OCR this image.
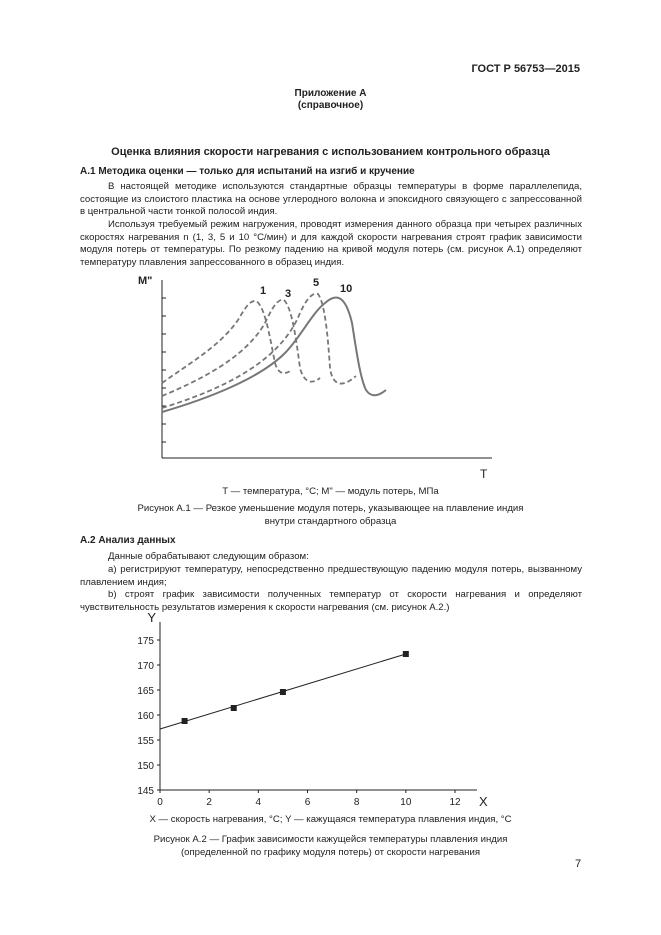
ГОСТ Р 56753—2015
Приложение А
(справочное)
Оценка влияния скорости нагревания с использованием контрольного образца
А.1 Методика оценки — только для испытаний на изгиб и кручение
В настоящей методике используются стандартные образцы температуры в форме параллелепида, состоящие из слоистого пластика на основе углеродного волокна и эпоксидного связующего с запрессованной в центральной части тонкой полосой индия.
Используя требуемый режим нагружения, проводят измерения данного образца при четырех различных скоростях нагревания n (1, 3, 5 и 10 °С/мин) и для каждой скорости нагревания строят график зависимости модуля потерь от температуры. По резкому падению на кривой модуля потерь (см. рисунок А.1) определяют температуру плавления запрессованного в образец индия.
M"
T
1 3
5 10
T — температура, °С; M" — модуль потерь, МПа
Рисунок А.1 — Резкое уменьшение модуля потерь, указывающее на плавление индия
внутри стандартного образца
А.2 Анализ данных
Данные обрабатывают следующим образом:
а) регистрируют температуру, непосредственно предшествующую падению модуля потерь, вызванному плавлением индия;
b) строят график зависимости полученных температур от скорости нагревания и определяют чувствительность результатов измерения к скорости нагревания (см. рисунок А.2.)
145
150
155
160
165
170
175
0	2	4	6	8	10	12
Y
X
X — скорость нагревания, °С; Y — кажущаяся температура плавления индия, °С
Рисунок А.2 — График зависимости кажущейся температуры плавления индия
(определенной по графику модуля потерь) от скорости нагревания
7
